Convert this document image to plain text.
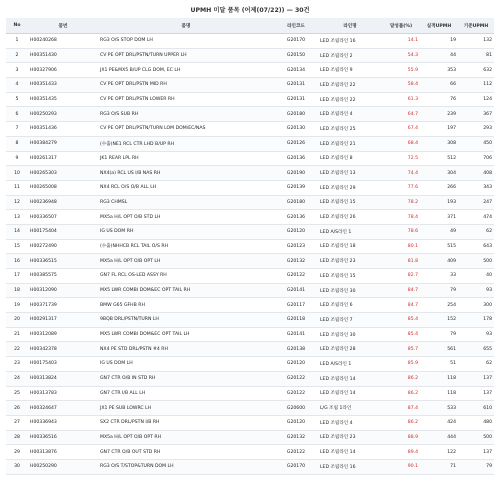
UPMH 미달 품목 (어제(07/22)) — 30건
No	품번	품명	라인코드	라인명	달성률(%)	실적UPMH	기준UPMH
1	H00240268	RG3 O/S STOP DOM LH	G20170	LED 조립라인 16	14.1	19	132
2	H00351430	CV PE OPT DRL/PSTN/TURN UPPER LH	G20150	LED 조립라인 2	54.3	44	81
3	H00327906	JX1 PE&MX5 B/UP CLG DOM, EC LH	G20134	LED 조립라인 9	55.9	353	632
4	H00351433	CV PE OPT DRL/PSTN MID RH	G20131	LED 조립라인 22	58.4	66	112
5	H00351435	CV PE OPT DRL/PSTN LOWER RH	G20131	LED 조립라인 22	61.3	76	124
6	H00250293	RG3 O/S SUB RH	G20180	LED 조립라인 4	64.7	239	367
7	H00351436	CV PE OPT DRL/PSTN/TURN LOM DOM/EC/NAS	G20130	LED 조립라인 25	67.4	197	293
8	H00384279	(수출)NE1 RCL CTR LHD B/UP RH	G20126	LED 조립라인 21	68.4	308	450
9	H00261317	JK1 REAR LPL RH	G20136	LED 조립라인 8	72.5	512	706
10	H00265303	NX4(a) RCL US I/B NAS RH	G20190	LED 조립라인 13	74.4	304	408
11	H00265008	NX4 RCL O/S O/B ALL LH	G20139	LED 조립라인 29	77.6	266	343
12	H00236948	RG3 CHMSL	G20180	LED 조립라인 15	78.2	193	247
13	H00336507	MX5a H/L OPT O/B STD LH	G20136	LED 조립라인 26	78.4	371	474
14	H00175404	IG US DOM RH	G20120	LED A/S라인 1	78.6	49	62
15	H00272490	(수출)NHHCB RCL TAIL O/S RH	G20123	LED 조립라인 18	80.1	515	643
16	H00336515	MX5a H/L OPT O/B OPT LH	G20132	LED 조립라인 23	81.8	409	500
17	H00385575	GN7 FL RCL OS-LED ASSY RH	G20122	LED 조립라인 15	82.7	33	40
18	H00312090	MX5 LWR COMBI DOM&EC OPT TAIL RH	G20141	LED 조립라인 30	84.7	79	93
19	H00371739	BMW G65 GFHB RH	G20117	LED 조립라인 6	84.7	254	300
20	H00291317	9BQB DRL/PSTN/TURN LH	G20118	LED 조립라인 7	85.4	152	178
21	H00312089	MX5 LWR COMBI DOM&EC OPT TAIL LH	G20141	LED 조립라인 30	85.4	79	93
22	H00342378	NX4 PE STD DRL/PSTN #4 RH	G20138	LED 조립라인 28	85.7	561	655
23	H00175403	IG US DOM LH	G20120	LED A/S라인 1	85.9	51	62
24	H00313824	GN7 CTR O/B IN STD RH	G20122	LED 조립라인 14	86.2	118	137
25	H00313783	GN7 CTR I/B ALL LH	G20122	LED 조립라인 14	86.2	118	137
26	H00324647	JX1 PE SUB LOWRC LH	G20600	L/G 조립 1라인	87.4	533	610
27	H00336943	SX2 CTR DRL/PSTN I/B RH	G20120	LED 조립라인 4	86.2	424	480
28	H00336516	MX5a H/L OPT O/B OPT RH	G20132	LED 조립라인 23	88.9	444	500
29	H00313876	GN7 CTR O/B OUT STD RH	G20122	LED 조립라인 14	89.4	122	137
30	H00250290	RG3 O/S T/STOP&TURN DOM LH	G20170	LED 조립라인 16	90.1	71	79
